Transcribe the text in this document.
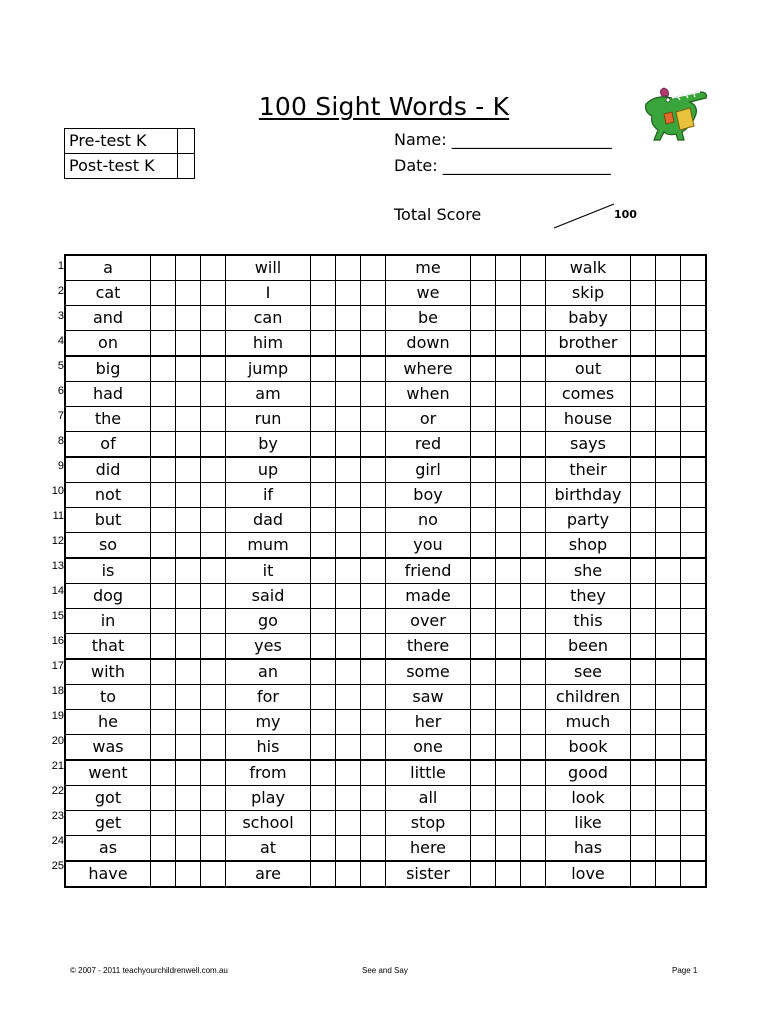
100 Sight Words - K
Pre-test K	
Post-test K	
Name: ____________________
Date: _____________________
Total Score	100
1
2
3
4
5
6
7
8
9
10
11
12
13
14
15
16
17
18
19
20
21
22
23
24
25
a				will				me				walk			
cat				I				we				skip			
and				can				be				baby			
on				him				down				brother			
big				jump				where				out			
had				am				when				comes			
the				run				or				house			
of				by				red				says			
did				up				girl				their			
not				if				boy				birthday			
but				dad				no				party			
so				mum				you				shop			
is				it				friend				she			
dog				said				made				they			
in				go				over				this			
that				yes				there				been			
with				an				some				see			
to				for				saw				children			
he				my				her				much			
was				his				one				book			
went				from				little				good			
got				play				all				look			
get				school				stop				like			
as				at				here				has			
have				are				sister				love			
© 2007 - 2011 teachyourchildrenwell.com.au	See and Say	Page 1
